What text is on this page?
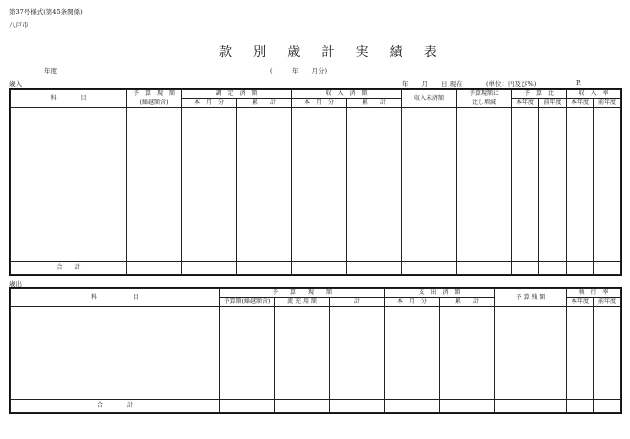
第37号様式(第45条関係)
八戸市
款 別 歳 計 実 績 表
年度	(　　　年　　月分)
歳入	年　　月　　日 現在	(単位：円及び%)	P.
科　　　　目	予　算　現　額	調　定　済　額		収　入　済　額		収入未済額	予算現額に	予　算　比		収　入　率	
	(繰越額含)	本　月　分	累　　計	本　月　分	累　　計		比し増減	本年度	前年度	本年度	前年度

合　　計											
歳出
科　　　　　　目	予　　算　　現　　額			支　出　済　額		予 算 残 額	執　行　率	
	予算額(繰越額含)	流 充 用 額	計	本　月　分	累　　計		本年度	前年度

合　　　　計								
